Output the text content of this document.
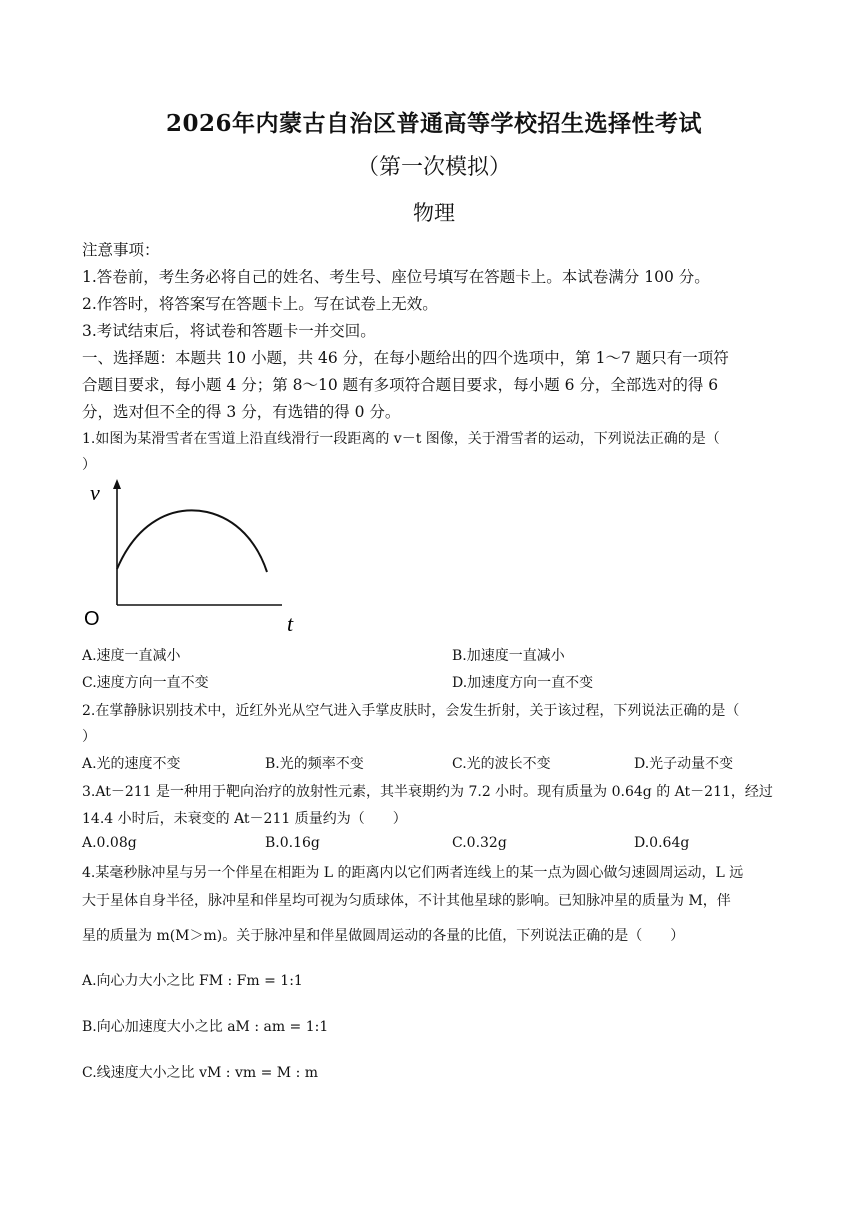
2026年内蒙古自治区普通高等学校招生选择性考试
（第一次模拟）
物理
注意事项：
1.答卷前，考生务必将自己的姓名、考生号、座位号填写在答题卡上。本试卷满分 100 分。
2.作答时，将答案写在答题卡上。写在试卷上无效。
3.考试结束后，将试卷和答题卡一并交回。
一、选择题：本题共 10 小题，共 46 分，在每小题给出的四个选项中，第 1～7 题只有一项符
合题目要求，每小题 4 分；第 8～10 题有多项符合题目要求，每小题 6 分，全部选对的得 6
分，选对但不全的得 3 分，有选错的得 0 分。
1.如图为某滑雪者在雪道上沿直线滑行一段距离的 v－t 图像，关于滑雪者的运动，下列说法正确的是（
）
v
t
O
A.速度一直减小	B.加速度一直减小
C.速度方向一直不变	D.加速度方向一直不变
2.在掌静脉识别技术中，近红外光从空气进入手掌皮肤时，会发生折射，关于该过程，下列说法正确的是（
）
A.光的速度不变	B.光的频率不变	C.光的波长不变	D.光子动量不变
3.At－211 是一种用于靶向治疗的放射性元素，其半衰期约为 7.2 小时。现有质量为 0.64g 的 At－211，经过
14.4 小时后，未衰变的 At－211 质量约为（　　）
A.0.08g	B.0.16g	C.0.32g	D.0.64g
4.某毫秒脉冲星与另一个伴星在相距为 L 的距离内以它们两者连线上的某一点为圆心做匀速圆周运动，L 远
大于星体自身半径，脉冲星和伴星均可视为匀质球体，不计其他星球的影响。已知脉冲星的质量为 M，伴
星的质量为 m(M＞m)。关于脉冲星和伴星做圆周运动的各量的比值，下列说法正确的是（　　）
A.向心力大小之比 FM : Fm = 1:1
B.向心加速度大小之比 aM : am = 1:1
C.线速度大小之比 vM : vm = M : m
